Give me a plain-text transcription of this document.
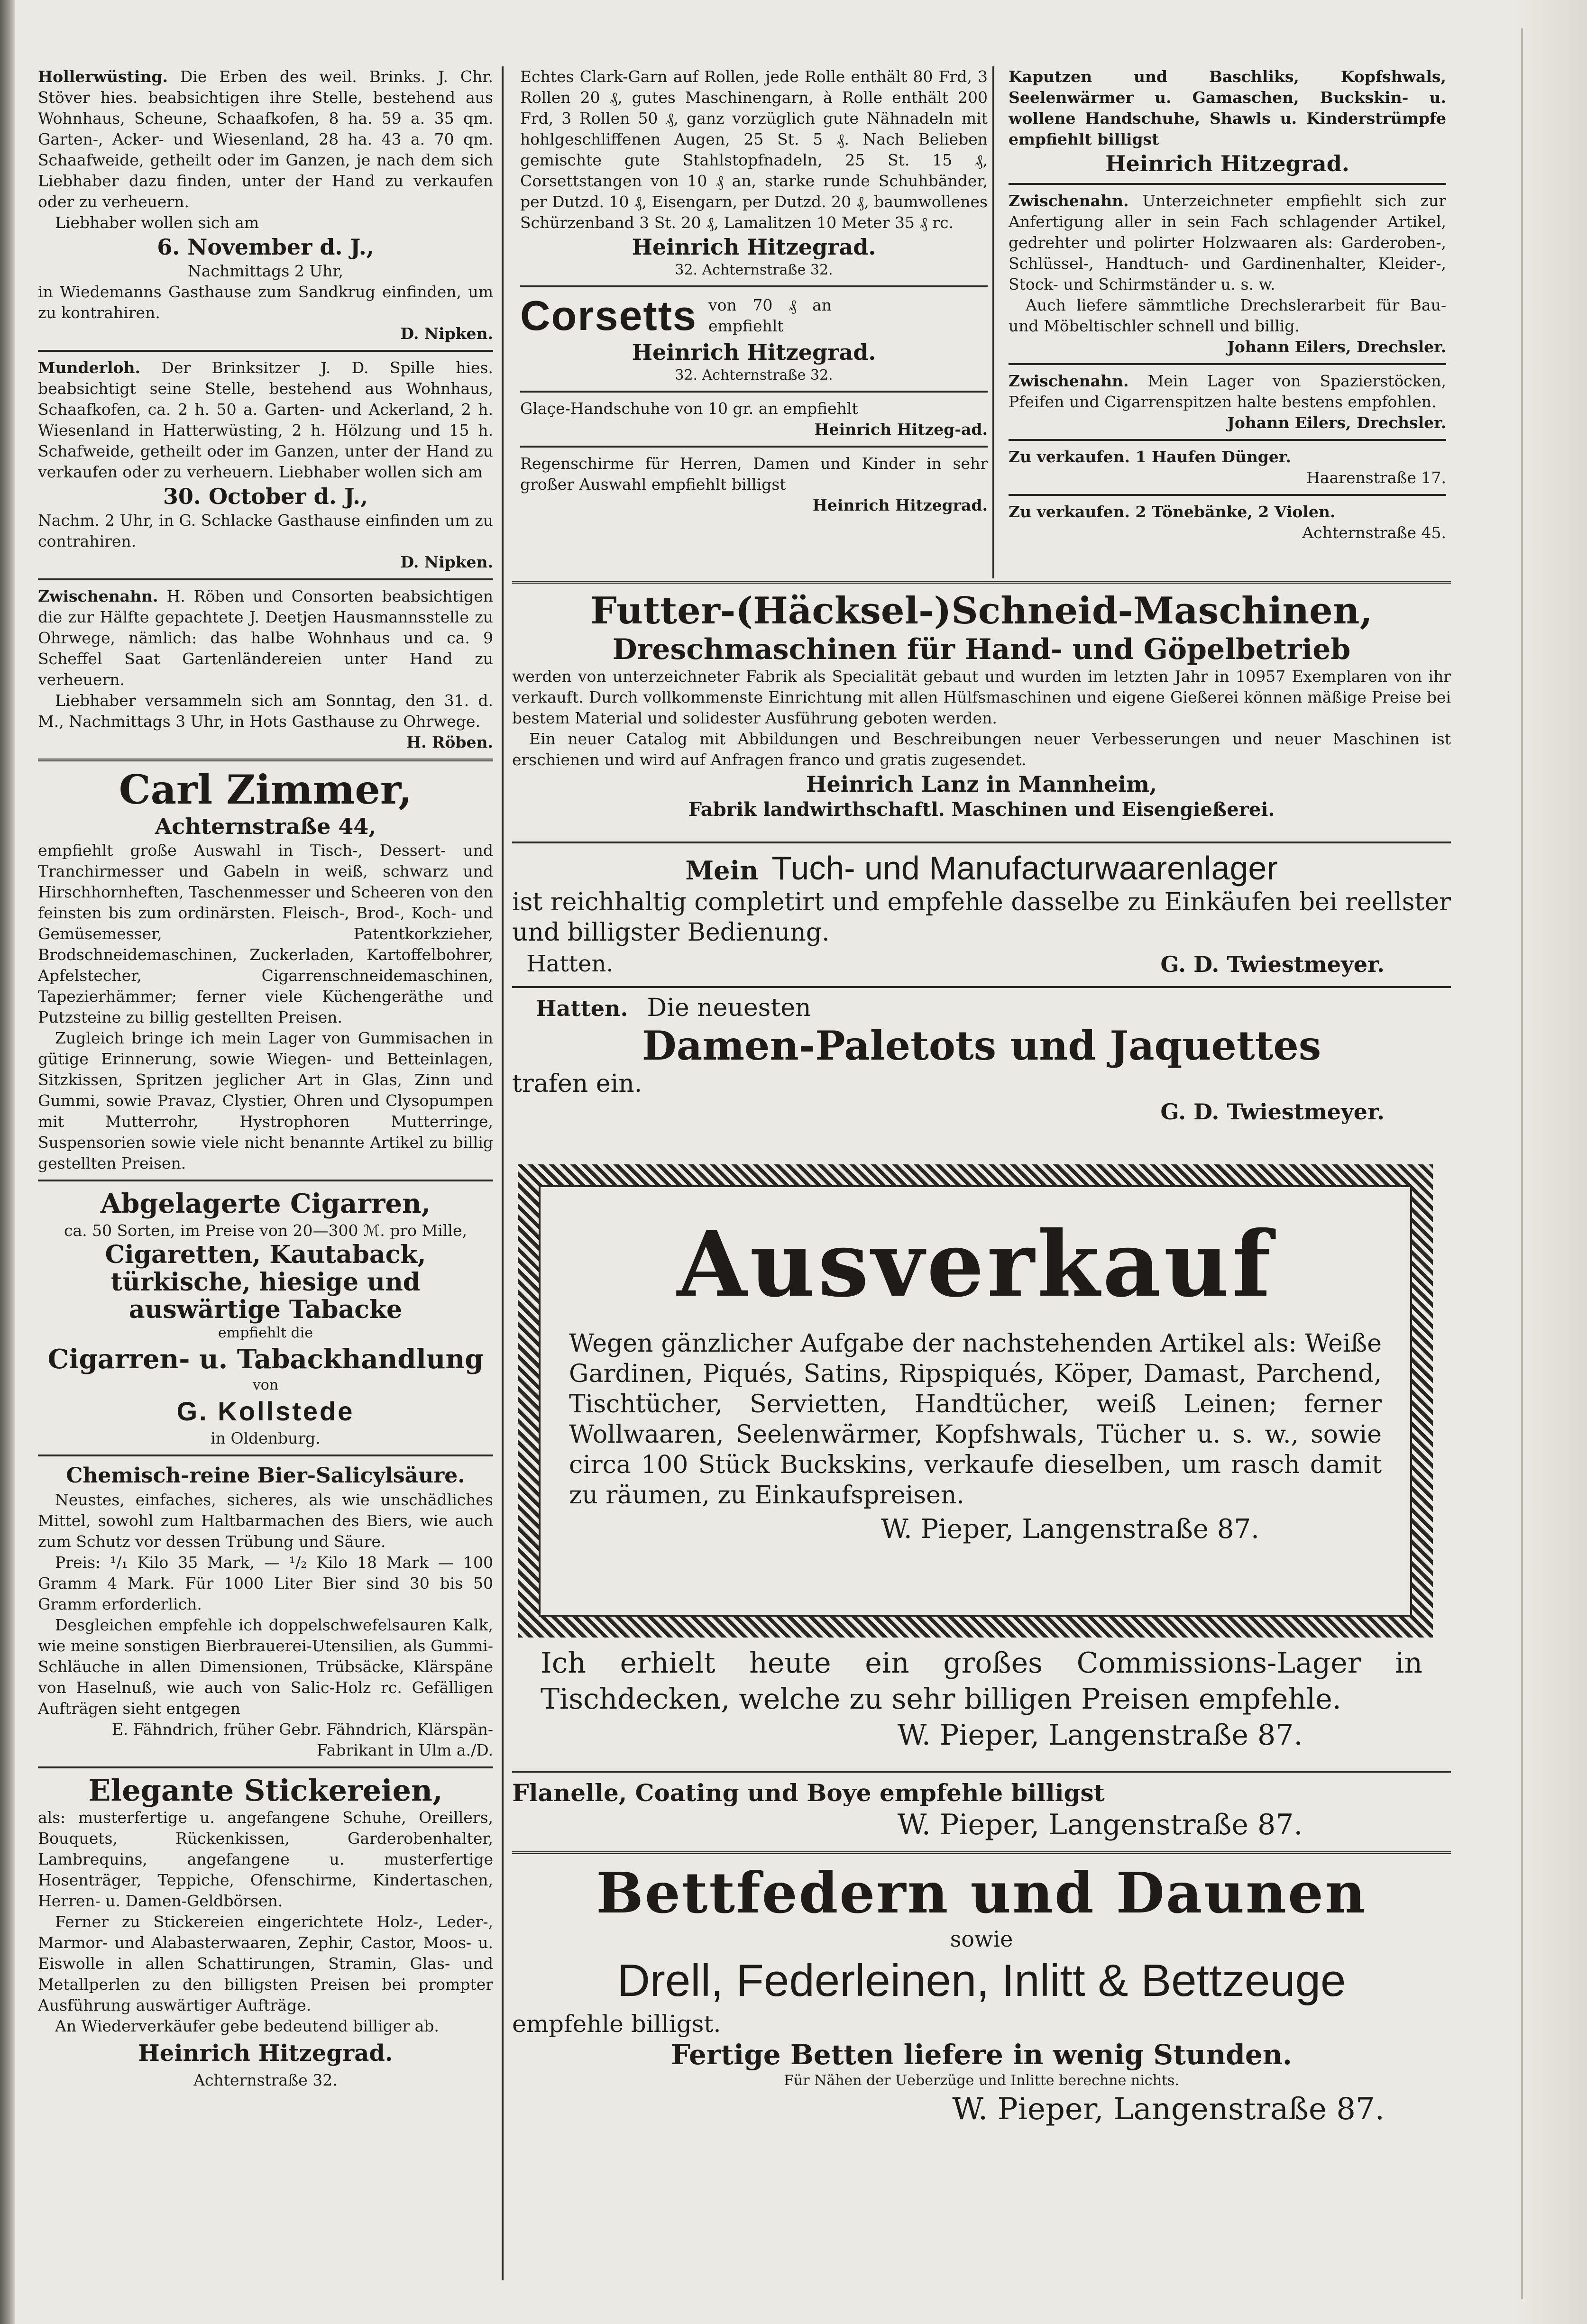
Hollerwüsting. Die Erben des weil. Brinks. J. Chr. Stöver hies. beabsichtigen ihre Stelle, bestehend aus Wohnhaus, Scheune, Schaafkofen, 8 ha. 59 a. 35 qm. Garten-, Acker- und Wiesenland, 28 ha. 43 a. 70 qm. Schaafweide, getheilt oder im Ganzen, je nach dem sich Liebhaber dazu finden, unter der Hand zu verkaufen oder zu verheuern.
Liebhaber wollen sich am
6. November d. J.,
Nachmittags 2 Uhr,
in Wiedemanns Gasthause zum Sandkrug einfinden, um zu kontrahiren.
D. Nipken.
Munderloh. Der Brinksitzer J. D. Spille hies. beabsichtigt seine Stelle, bestehend aus Wohnhaus, Schaafkofen, ca. 2 h. 50 a. Garten- und Ackerland, 2 h. Wiesenland in Hatterwüsting, 2 h. Hölzung und 15 h. Schafweide, getheilt oder im Ganzen, unter der Hand zu verkaufen oder zu verheuern. Liebhaber wollen sich am
30. October d. J.,
Nachm. 2 Uhr, in G. Schlacke Gasthause einfinden um zu contrahiren.
D. Nipken.
Zwischenahn. H. Röben und Consorten beabsichtigen die zur Hälfte gepachtete J. Deetjen Hausmannsstelle zu Ohrwege, nämlich: das halbe Wohnhaus und ca. 9 Scheffel Saat Gartenländereien unter Hand zu verheuern.
Liebhaber versammeln sich am Sonntag, den 31. d. M., Nachmittags 3 Uhr, in Hots Gasthause zu Ohrwege.
H. Röben.
Carl Zimmer,
Achternstraße 44,
empfiehlt große Auswahl in Tisch-, Dessert- und Tranchirmesser und Gabeln in weiß, schwarz und Hirschhornheften, Taschenmesser und Scheeren von den feinsten bis zum ordinärsten. Fleisch-, Brod-, Koch- und Gemüsemesser, Patentkorkzieher, Brodschneidemaschinen, Zuckerladen, Kartoffelbohrer, Apfelstecher, Cigarrenschneidemaschinen, Tapezierhämmer; ferner viele Küchengeräthe und Putzsteine zu billig gestellten Preisen.
Zugleich bringe ich mein Lager von Gummisachen in gütige Erinnerung, sowie Wiegen- und Betteinlagen, Sitzkissen, Spritzen jeglicher Art in Glas, Zinn und Gummi, sowie Pravaz, Clystier, Ohren und Clysopumpen mit Mutterrohr, Hystrophoren Mutterringe, Suspensorien sowie viele nicht benannte Artikel zu billig gestellten Preisen.
Abgelagerte Cigarren,
ca. 50 Sorten, im Preise von 20—300 ℳ. pro Mille,
Cigaretten, Kautaback,
türkische, hiesige und
auswärtige Tabacke
empfiehlt die
Cigarren- u. Tabackhandlung
von
G. Kollstede
in Oldenburg.
Chemisch-reine Bier-Salicylsäure.
Neustes, einfaches, sicheres, als wie unschädliches Mittel, sowohl zum Haltbarmachen des Biers, wie auch zum Schutz vor dessen Trübung und Säure.
Preis: ¹/₁ Kilo 35 Mark, — ¹/₂ Kilo 18 Mark — 100 Gramm 4 Mark. Für 1000 Liter Bier sind 30 bis 50 Gramm erforderlich.
Desgleichen empfehle ich doppelschwefelsauren Kalk, wie meine sonstigen Bierbrauerei-Utensilien, als Gummi-Schläuche in allen Dimensionen, Trübsäcke, Klärspäne von Haselnuß, wie auch von Salic-Holz rc. Gefälligen Aufträgen sieht entgegen
E. Fähndrich, früher Gebr. Fähndrich, Klärspän-Fabrikant in Ulm a./D.
Elegante Stickereien,
als: musterfertige u. angefangene Schuhe, Oreillers, Bouquets, Rückenkissen, Garderobenhalter, Lambrequins, angefangene u. musterfertige Hosenträger, Teppiche, Ofenschirme, Kindertaschen, Herren- u. Damen-Geldbörsen.
Ferner zu Stickereien eingerichtete Holz-, Leder-, Marmor- und Alabasterwaaren, Zephir, Castor, Moos- u. Eiswolle in allen Schattirungen, Stramin, Glas- und Metallperlen zu den billigsten Preisen bei prompter Ausführung auswärtiger Aufträge.
An Wiederverkäufer gebe bedeutend billiger ab.
Heinrich Hitzegrad.
Achternstraße 32.
Echtes Clark-Garn auf Rollen, jede Rolle enthält 80 Frd, 3 Rollen 20 ₰, gutes Maschinengarn, à Rolle enthält 200 Frd, 3 Rollen 50 ₰, ganz vorzüglich gute Nähnadeln mit hohlgeschliffenen Augen, 25 St. 5 ₰. Nach Belieben gemischte gute Stahlstopfnadeln, 25 St. 15 ₰, Corsettstangen von 10 ₰ an, starke runde Schuhbänder, per Dutzd. 10 ₰, Eisengarn, per Dutzd. 20 ₰, baumwollenes Schürzenband 3 St. 20 ₰, Lamalitzen 10 Meter 35 ₰ rc.
Heinrich Hitzegrad.
32. Achternstraße 32.
Corsetts von 70 ₰ an empfiehlt
Heinrich Hitzegrad.
32. Achternstraße 32.
Glaçe-Handschuhe von 10 gr. an empfiehlt
Heinrich Hitzeg-ad.
Regenschirme für Herren, Damen und Kinder in sehr großer Auswahl empfiehlt billigst
Heinrich Hitzegrad.
Kaputzen und Baschliks, Kopfshwals, Seelenwärmer u. Gamaschen, Buckskin- u. wollene Handschuhe, Shawls u. Kinderstrümpfe empfiehlt billigst
Heinrich Hitzegrad.
Zwischenahn. Unterzeichneter empfiehlt sich zur Anfertigung aller in sein Fach schlagender Artikel, gedrehter und polirter Holzwaaren als: Garderoben-, Schlüssel-, Handtuch- und Gardinenhalter, Kleider-, Stock- und Schirmständer u. s. w.
Auch liefere sämmtliche Drechslerarbeit für Bau- und Möbeltischler schnell und billig.
Johann Eilers, Drechsler.
Zwischenahn. Mein Lager von Spazierstöcken, Pfeifen und Cigarrenspitzen halte bestens empfohlen.
Johann Eilers, Drechsler.
Zu verkaufen. 1 Haufen Dünger.
Haarenstraße 17.
Zu verkaufen. 2 Tönebänke, 2 Violen.
Achternstraße 45.
Futter-(Häcksel-)Schneid-Maschinen,
Dreschmaschinen für Hand- und Göpelbetrieb
werden von unterzeichneter Fabrik als Specialität gebaut und wurden im letzten Jahr in 10957 Exemplaren von ihr verkauft. Durch vollkommenste Einrichtung mit allen Hülfsmaschinen und eigene Gießerei können mäßige Preise bei bestem Material und solidester Ausführung geboten werden.
Ein neuer Catalog mit Abbildungen und Beschreibungen neuer Verbesserungen und neuer Maschinen ist erschienen und wird auf Anfragen franco und gratis zugesendet.
Heinrich Lanz in Mannheim,
Fabrik landwirthschaftl. Maschinen und Eisengießerei.
Mein Tuch- und Manufacturwaarenlager
ist reichhaltig completirt und empfehle dasselbe zu Einkäufen bei reellster und billigster Bedienung.
Hatten.	G. D. Twiestmeyer.
Hatten. Die neuesten
Damen-Paletots und Jaquettes
trafen ein.
G. D. Twiestmeyer.
Ausverkauf
Wegen gänzlicher Aufgabe der nachstehenden Artikel als: Weiße Gardinen, Piqués, Satins, Ripspiqués, Köper, Damast, Parchend, Tischtücher, Servietten, Handtücher, weiß Leinen; ferner Wollwaaren, Seelenwärmer, Kopfshwals, Tücher u. s. w., sowie circa 100 Stück Buckskins, verkaufe dieselben, um rasch damit zu räumen, zu Einkaufspreisen.
W. Pieper, Langenstraße 87.
Ich erhielt heute ein großes Commissions-Lager in Tischdecken, welche zu sehr billigen Preisen empfehle.
W. Pieper, Langenstraße 87.
Flanelle, Coating und Boye empfehle billigst
W. Pieper, Langenstraße 87.
Bettfedern und Daunen
sowie
Drell, Federleinen, Inlitt & Bettzeuge
empfehle billigst.
Fertige Betten liefere in wenig Stunden.
Für Nähen der Ueberzüge und Inlitte berechne nichts.
W. Pieper, Langenstraße 87.
